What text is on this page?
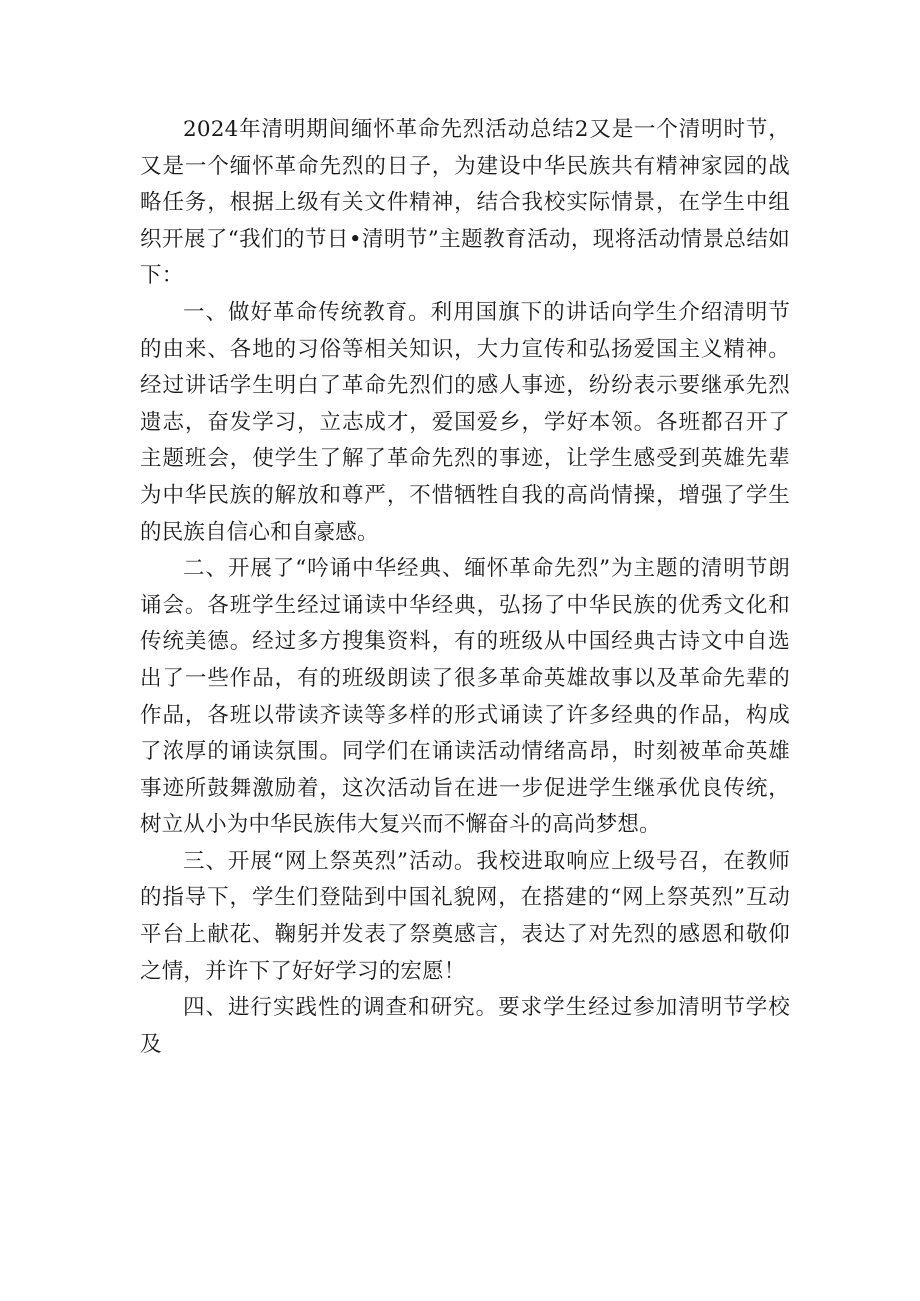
2024年清明期间缅怀革命先烈活动总结2又是一个清明时节，又是一个缅怀革命先烈的日子，为建设中华民族共有精神家园的战略任务，根据上级有关文件精神，结合我校实际情景，在学生中组织开展了“我们的节日•清明节”主题教育活动，现将活动情景总结如下：

一、做好革命传统教育。利用国旗下的讲话向学生介绍清明节的由来、各地的习俗等相关知识，大力宣传和弘扬爱国主义精神。经过讲话学生明白了革命先烈们的感人事迹，纷纷表示要继承先烈遗志，奋发学习，立志成才，爱国爱乡，学好本领。各班都召开了主题班会，使学生了解了革命先烈的事迹，让学生感受到英雄先辈为中华民族的解放和尊严，不惜牺牲自我的高尚情操，增强了学生的民族自信心和自豪感。

二、开展了“吟诵中华经典、缅怀革命先烈”为主题的清明节朗诵会。各班学生经过诵读中华经典，弘扬了中华民族的优秀文化和传统美德。经过多方搜集资料，有的班级从中国经典古诗文中自选出了一些作品，有的班级朗读了很多革命英雄故事以及革命先辈的作品，各班以带读齐读等多样的形式诵读了许多经典的作品，构成了浓厚的诵读氛围。同学们在诵读活动情绪高昂，时刻被革命英雄事迹所鼓舞激励着，这次活动旨在进一步促进学生继承优良传统，树立从小为中华民族伟大复兴而不懈奋斗的高尚梦想。

三、开展“网上祭英烈”活动。我校进取响应上级号召，在教师的指导下，学生们登陆到中国礼貌网，在搭建的“网上祭英烈”互动平台上献花、鞠躬并发表了祭奠感言，表达了对先烈的感恩和敬仰之情，并许下了好好学习的宏愿！

四、进行实践性的调查和研究。要求学生经过参加清明节学校及
